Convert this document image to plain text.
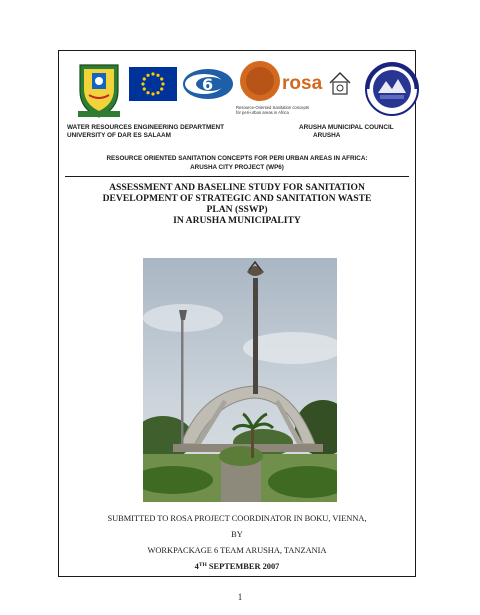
6	rosa
Resource-Oriented Sanitation concepts
for peri-urban areas in Africa
WATER RESOURCES ENGINEERING DEPARTMENT
UNIVERSITY OF DAR ES SALAAM
ARUSHA MUNICIPAL COUNCIL
ARUSHA
RESOURCE ORIENTED SANITATION CONCEPTS FOR PERI URBAN AREAS IN AFRICA:
ARUSHA CITY PROJECT (WP6)
ASSESSMENT AND BASELINE STUDY FOR SANITATION
DEVELOPMENT OF STRATEGIC AND SANITATION WASTE
PLAN (SSWP)
IN ARUSHA MUNICIPALITY
SUBMITTED TO ROSA PROJECT COORDINATOR IN BOKU, VIENNA,
BY
WORKPACKAGE 6 TEAM ARUSHA, TANZANIA
4TH SEPTEMBER 2007
1
